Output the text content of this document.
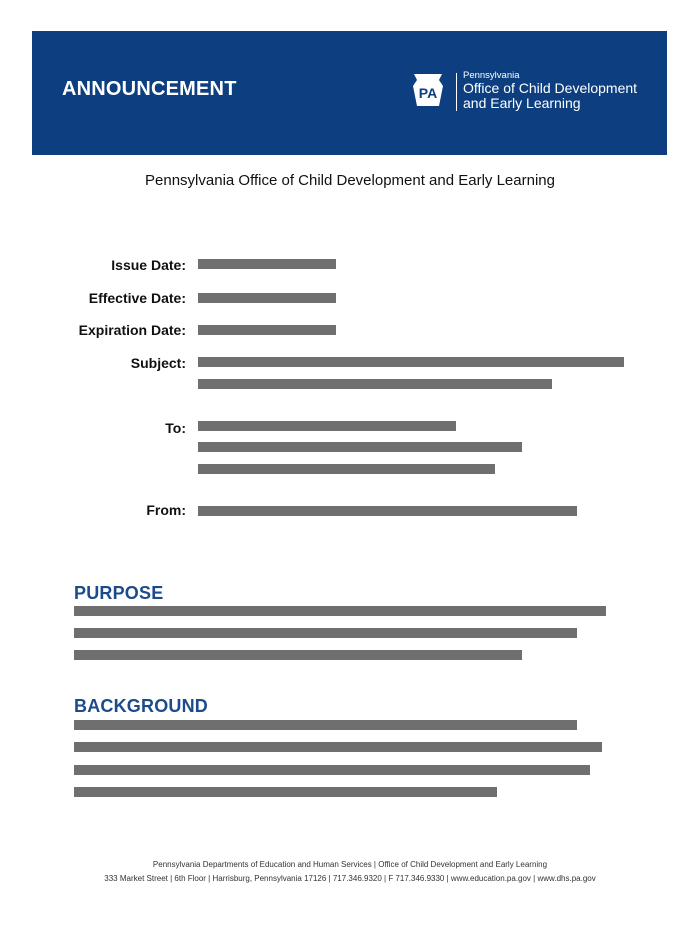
ANNOUNCEMENT	PA
Pennsylvania
Office of Child Development
and Early Learning
Pennsylvania Office of Child Development and Early Learning
Issue Date:
Effective Date:
Expiration Date:
Subject:
To:
From:
PURPOSE
BACKGROUND
Pennsylvania Departments of Education and Human Services | Office of Child Development and Early Learning
333 Market Street | 6th Floor | Harrisburg, Pennsylvania 17126 | 717.346.9320 | F 717.346.9330 | www.education.pa.gov | www.dhs.pa.gov
